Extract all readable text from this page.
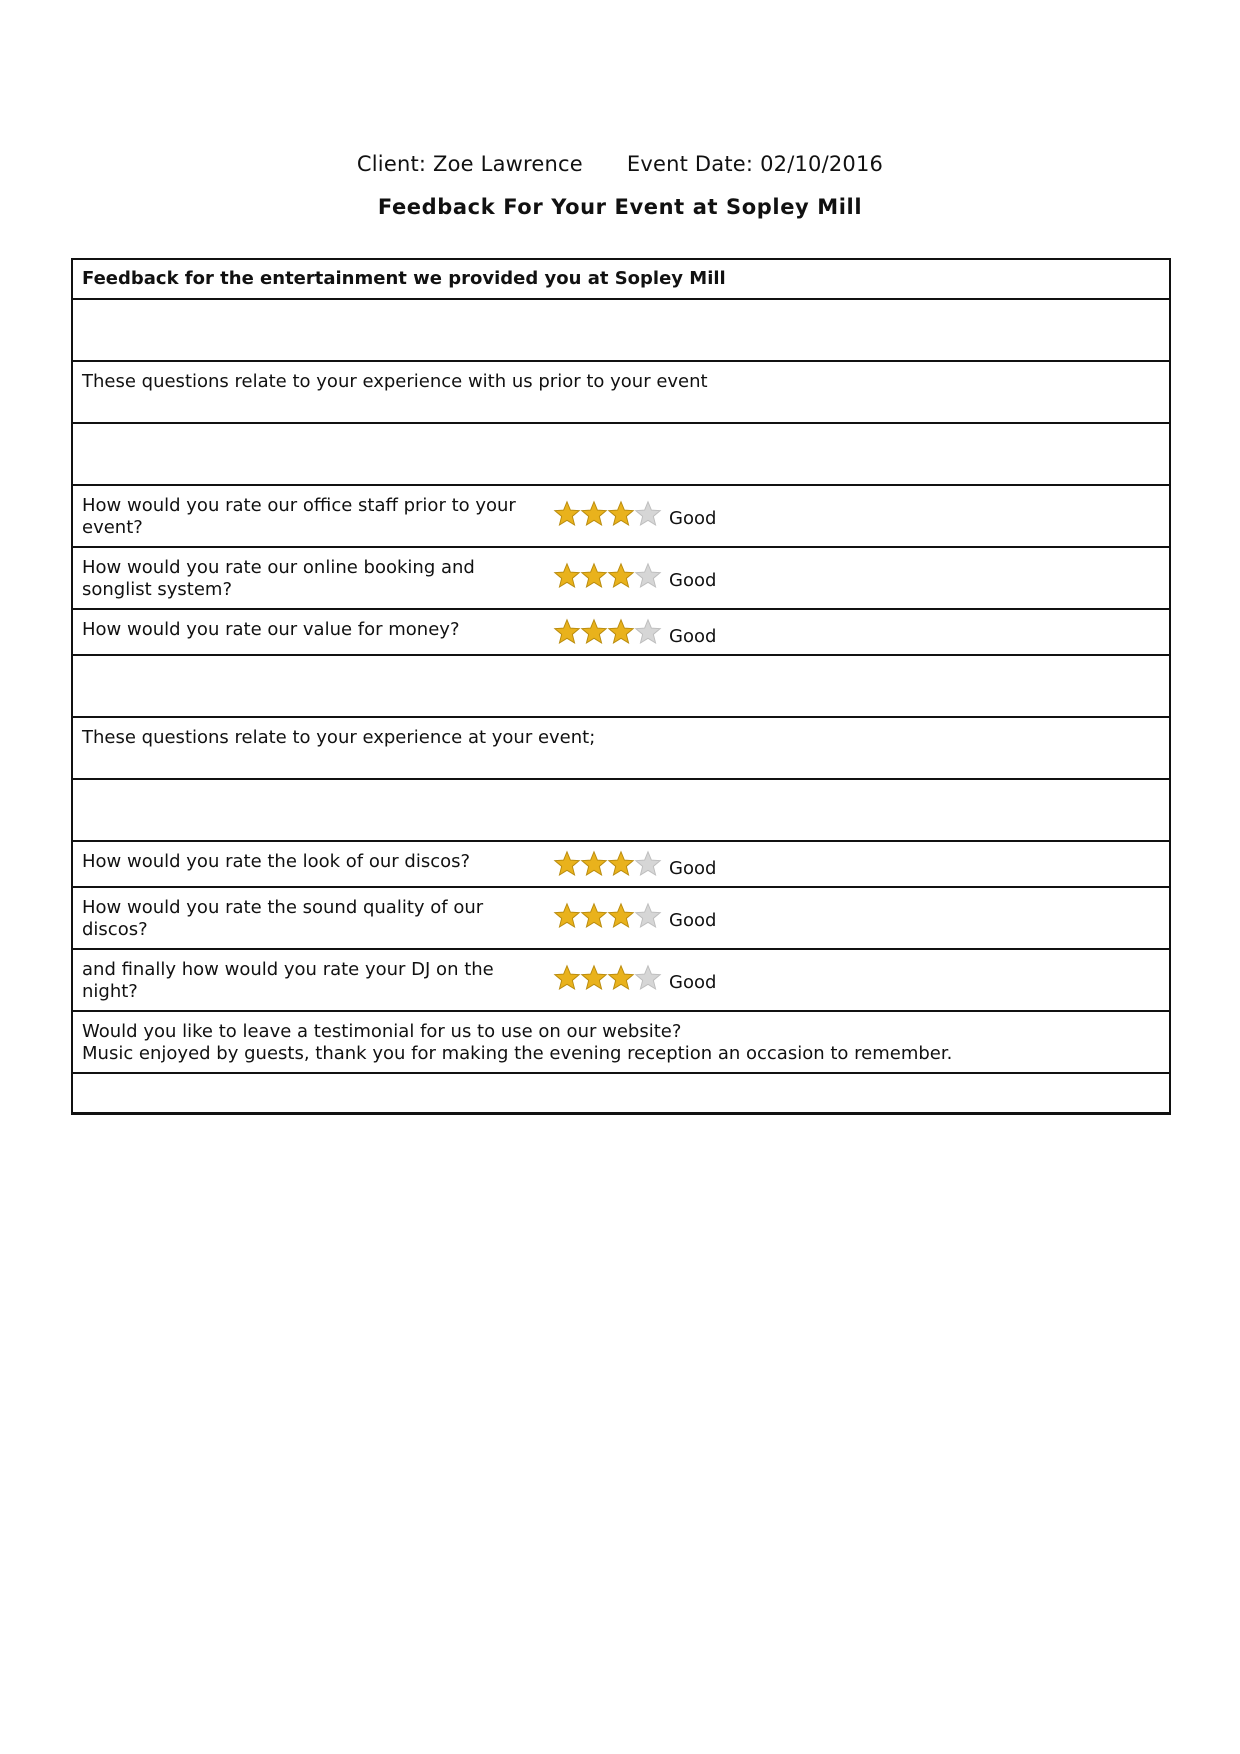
Client: Zoe Lawrence Event Date: 02/10/2016
Feedback For Your Event at Sopley Mill
Feedback for the entertainment we provided you at Sopley Mill
These questions relate to your experience with us prior to your event
How would you rate our office staff prior to your event?	Good
How would you rate our online booking and songlist system?	Good
How would you rate our value for money?	Good
These questions relate to your experience at your event;
How would you rate the look of our discos?	Good
How would you rate the sound quality of our discos?	Good
and finally how would you rate your DJ on the night?	Good
Would you like to leave a testimonial for us to use on our website?
Music enjoyed by guests, thank you for making the evening reception an occasion to remember.
